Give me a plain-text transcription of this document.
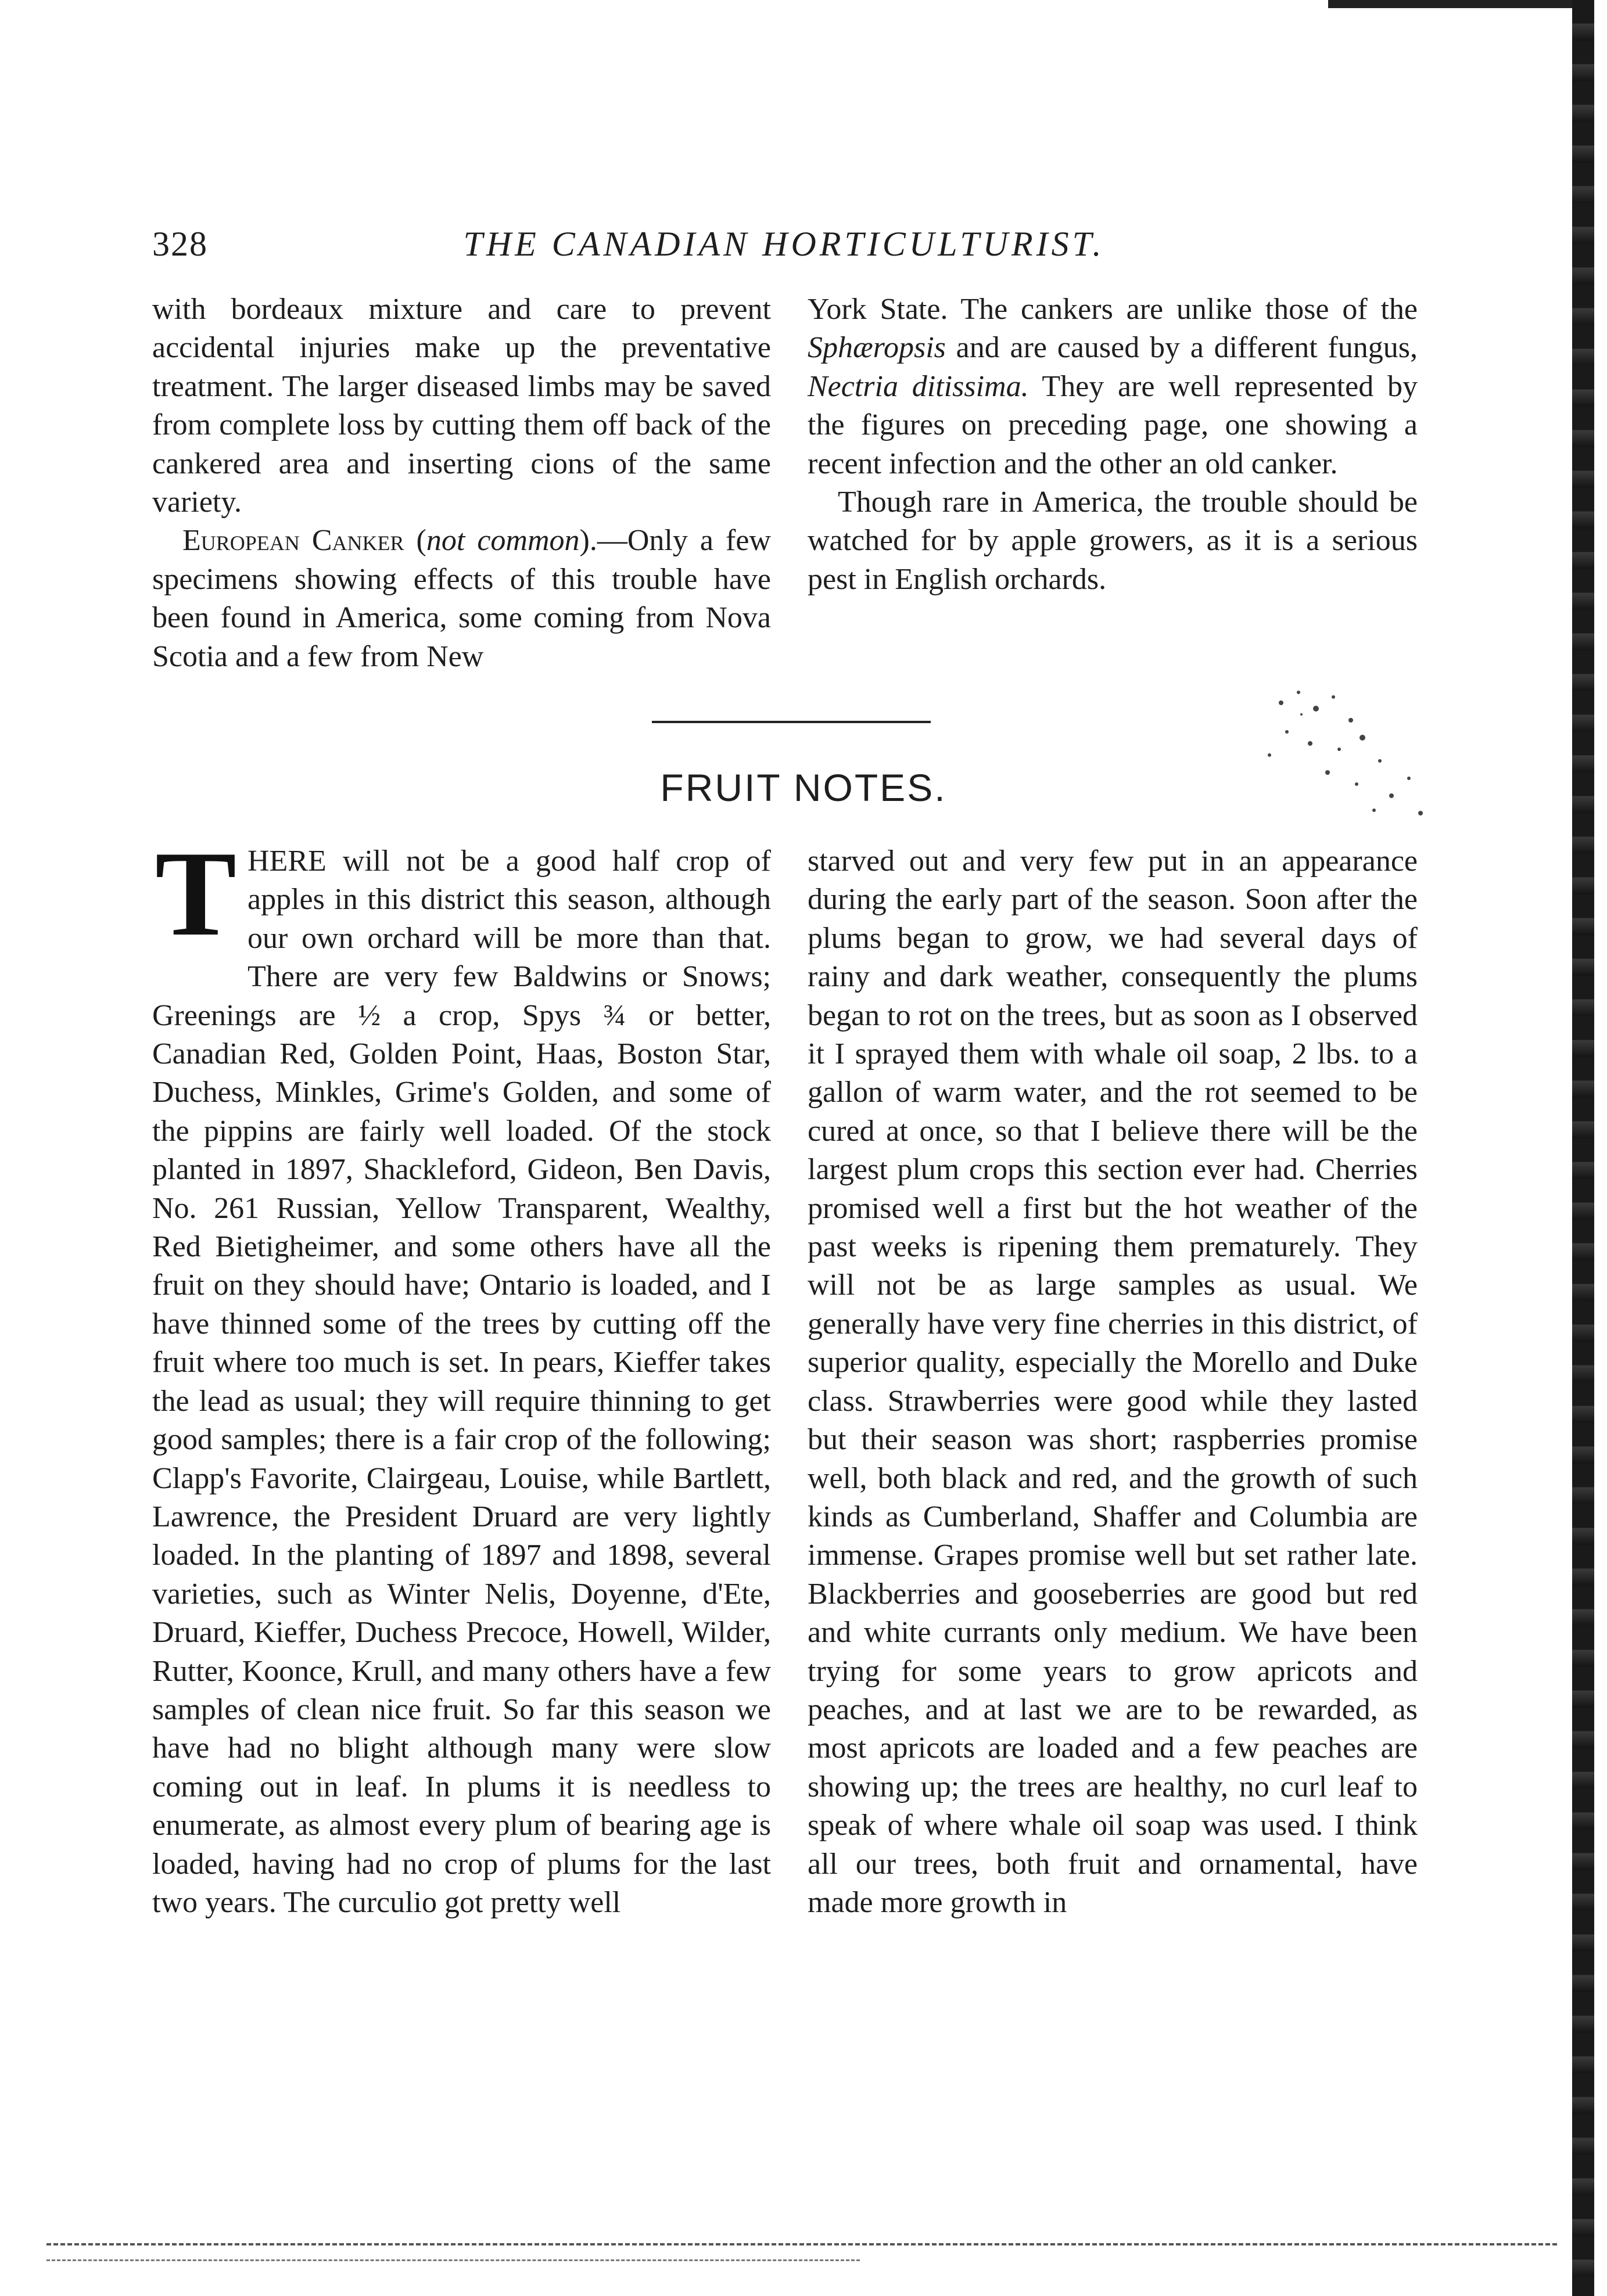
328	THE CANADIAN HORTICULTURIST.

with bordeaux mixture and care to prevent accidental injuries make up the preventative treatment. The larger diseased limbs may be saved from complete loss by cutting them off back of the cankered area and inserting cions of the same variety.

European Canker (not common).—Only a few specimens showing effects of this trouble have been found in America, some coming from Nova Scotia and a few from New

York State. The cankers are unlike those of the Sphæropsis and are caused by a different fungus, Nectria ditissima. They are well represented by the figures on preceding page, one showing a recent infection and the other an old canker.

Though rare in America, the trouble should be watched for by apple growers, as it is a serious pest in English orchards.

FRUIT NOTES.

THERE will not be a good half crop of apples in this district this season, although our own orchard will be more than that. There are very few Baldwins or Snows; Greenings are ½ a crop, Spys ¾ or better, Canadian Red, Golden Point, Haas, Boston Star, Duchess, Minkles, Grime's Golden, and some of the pippins are fairly well loaded. Of the stock planted in 1897, Shackleford, Gideon, Ben Davis, No. 261 Russian, Yellow Transparent, Wealthy, Red Bietigheimer, and some others have all the fruit on they should have; Ontario is loaded, and I have thinned some of the trees by cutting off the fruit where too much is set. In pears, Kieffer takes the lead as usual; they will require thinning to get good samples; there is a fair crop of the following; Clapp's Favorite, Clairgeau, Louise, while Bartlett, Lawrence, the President Druard are very lightly loaded. In the planting of 1897 and 1898, several varieties, such as Winter Nelis, Doyenne, d'Ete, Druard, Kieffer, Duchess Precoce, Howell, Wilder, Rutter, Koonce, Krull, and many others have a few samples of clean nice fruit. So far this season we have had no blight although many were slow coming out in leaf. In plums it is needless to enumerate, as almost every plum of bearing age is loaded, having had no crop of plums for the last two years. The curculio got pretty well

starved out and very few put in an appearance during the early part of the season. Soon after the plums began to grow, we had several days of rainy and dark weather, consequently the plums began to rot on the trees, but as soon as I observed it I sprayed them with whale oil soap, 2 lbs. to a gallon of warm water, and the rot seemed to be cured at once, so that I believe there will be the largest plum crops this section ever had. Cherries promised well a first but the hot weather of the past weeks is ripening them prematurely. They will not be as large samples as usual. We generally have very fine cherries in this district, of superior quality, especially the Morello and Duke class. Strawberries were good while they lasted but their season was short; raspberries promise well, both black and red, and the growth of such kinds as Cumberland, Shaffer and Columbia are immense. Grapes promise well but set rather late. Blackberries and gooseberries are good but red and white currants only medium. We have been trying for some years to grow apricots and peaches, and at last we are to be rewarded, as most apricots are loaded and a few peaches are showing up; the trees are healthy, no curl leaf to speak of where whale oil soap was used. I think all our trees, both fruit and ornamental, have made more growth in
